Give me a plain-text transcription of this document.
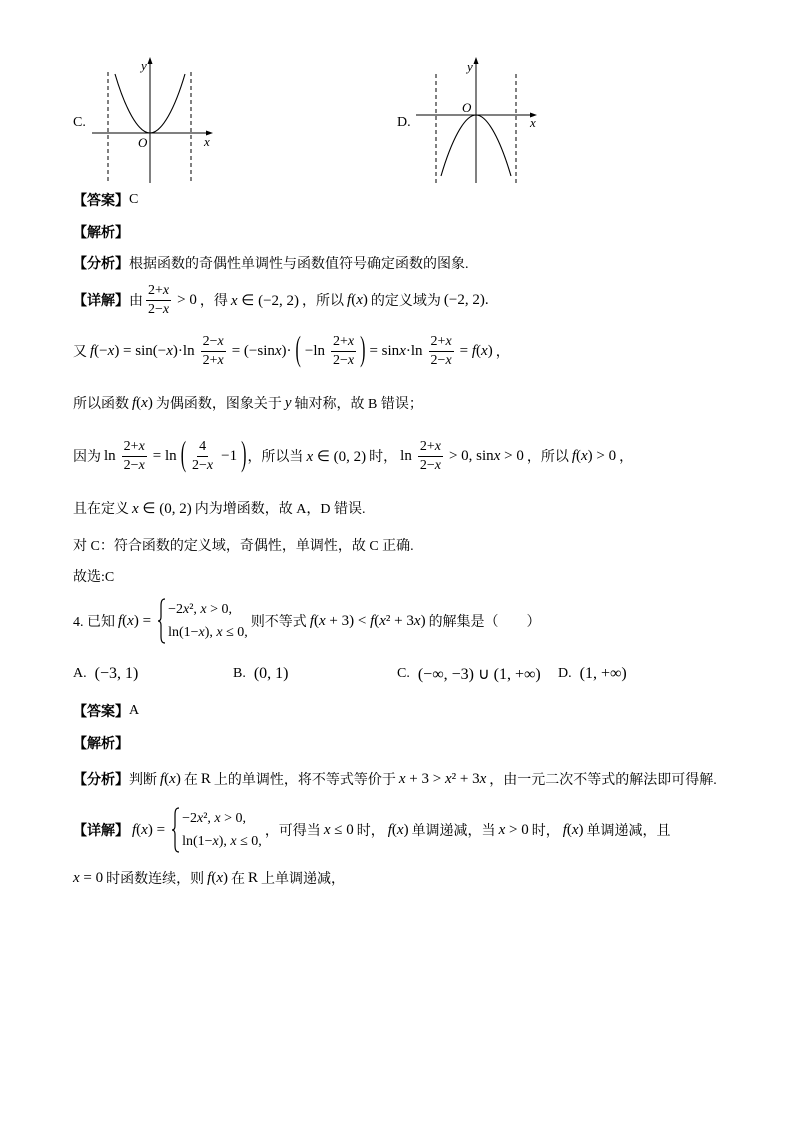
C.
y
O	x
D.
y
O
x
【答案】 C
【解析】
【分析】 根据函数的奇偶性单调性与函数值符号确定函数的图象.
【详解】 由 $\frac{2+x}{2-x} > 0$ ，得 x ∈ (−2, 2) ，所以 f(x) 的定义域为 (−2, 2).
又 $f(-x) = \sin(-x)\cdot\ln \frac{2-x}{2+x} = (-\sin x)\cdot$ ( $-\ln \frac{2+x}{2-x}$ ) = $\sin x\cdot\ln \frac{2+x}{2-x} = f(x)$ ，
所以函数 f(x) 为偶函数，图象关于 y 轴对称，故 B 错误；
因为 $\ln \frac{2+x}{2-x} = \ln$ ( $\frac{4}{2-x} -1$ ) ，所以当 x ∈ (0, 2) 时， $\ln \frac{2+x}{2-x} > 0$, sinx > 0 ，所以 f(x) > 0 ，
且在定义 x ∈ (0, 2) 内为增函数，故 A，D 错误.
对 C：符合函数的定义域，奇偶性，单调性，故 C 正确.
故选:C
4. 已知 f(x) =
−2x², x > 0,
ln(1−x), x ≤ 0,
则不等式 f(x + 3) < f(x² + 3x) 的解集是（　　）
A. (−3, 1)	B. (0, 1)	C. (−∞, −3) ∪ (1, +∞) D. (1, +∞)
【答案】 A
【解析】
【分析】 判断 f(x) 在 R 上的单调性，将不等式等价于 x + 3 > x² + 3x ，由一元二次不等式的解法即可得解.
【详解】 f(x) =
−2x², x > 0,
ln(1−x), x ≤ 0,
，可得当 x ≤ 0 时， f(x) 单调递减，当 x > 0 时， f(x) 单调递减，且
x = 0 时函数连续，则 f(x) 在 R 上单调递减，
